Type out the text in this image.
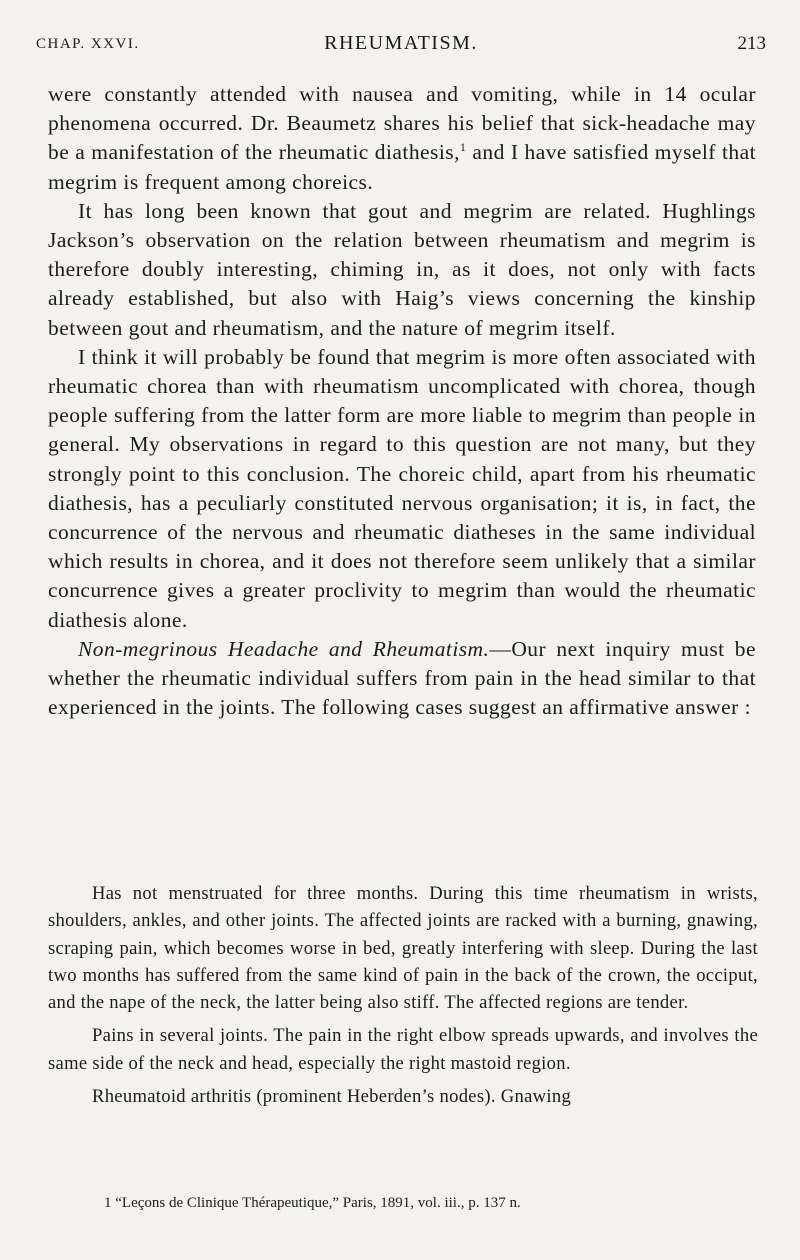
CHAP. XXVI.	RHEUMATISM.	213

were constantly attended with nausea and vomiting, while in 14 ocular phenomena occurred. Dr. Beaumetz shares his belief that sick-headache may be a manifestation of the rheumatic diathesis,$^1$ and I have satisfied myself that megrim is frequent among choreics.

It has long been known that gout and megrim are related. Hughlings Jackson’s observation on the relation between rheumatism and megrim is therefore doubly interesting, chiming in, as it does, not only with facts already established, but also with Haig’s views concerning the kinship between gout and rheumatism, and the nature of megrim itself.

I think it will probably be found that megrim is more often associated with rheumatic chorea than with rheumatism uncomplicated with chorea, though people suffering from the latter form are more liable to megrim than people in general. My observations in regard to this question are not many, but they strongly point to this conclusion. The choreic child, apart from his rheumatic diathesis, has a peculiarly constituted nervous organisation; it is, in fact, the concurrence of the nervous and rheumatic diatheses in the same individual which results in chorea, and it does not therefore seem unlikely that a similar concurrence gives a greater proclivity to megrim than would the rheumatic diathesis alone.

Non-megrinous Headache and Rheumatism.—Our next inquiry must be whether the rheumatic individual suffers from pain in the head similar to that experienced in the joints. The following cases suggest an affirmative answer :

Has not menstruated for three months. During this time rheumatism in wrists, shoulders, ankles, and other joints. The affected joints are racked with a burning, gnawing, scraping pain, which becomes worse in bed, greatly interfering with sleep. During the last two months has suffered from the same kind of pain in the back of the crown, the occiput, and the nape of the neck, the latter being also stiff. The affected regions are tender.

Pains in several joints. The pain in the right elbow spreads upwards, and involves the same side of the neck and head, especially the right mastoid region.

Rheumatoid arthritis (prominent Heberden’s nodes). Gnawing

1 “Leçons de Clinique Thérapeutique,” Paris, 1891, vol. iii., p. 137 n.
